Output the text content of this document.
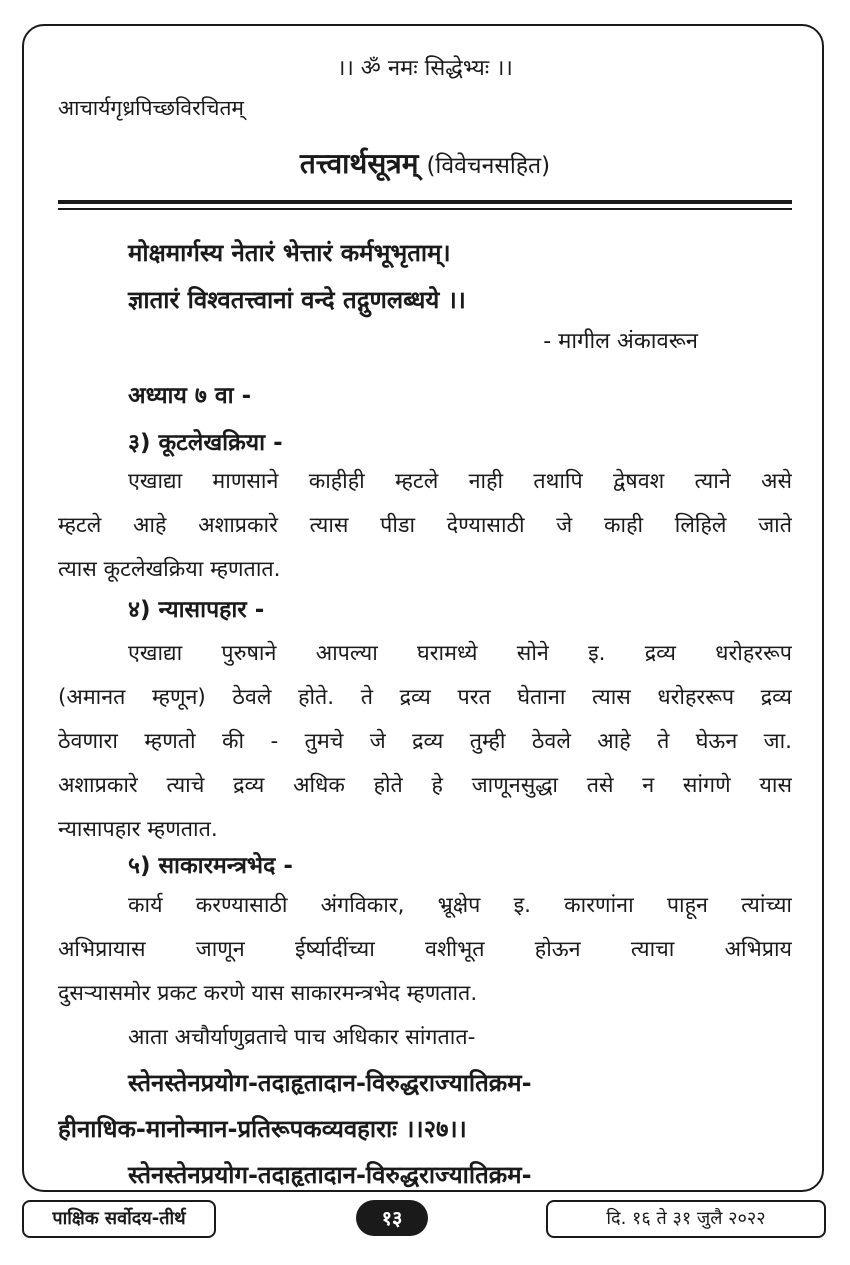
।। ॐ नमः सिद्धेभ्यः ।।
आचार्यगृध्रपिच्छविरचितम्
तत्त्वार्थसूत्रम् (विवेचनसहित)
मोक्षमार्गस्य नेतारं भेत्तारं कर्मभूभृताम्।
ज्ञातारं विश्वतत्त्वानां वन्दे तद्गुणलब्धये ।।
- मागील अंकावरून
अध्याय ७ वा -
३) कूटलेखक्रिया -
एखाद्या माणसाने काहीही म्हटले नाही तथापि द्वेषवश त्याने असे
म्हटले आहे अशाप्रकारे त्यास पीडा देण्यासाठी जे काही लिहिले जाते
त्यास कूटलेखक्रिया म्हणतात.
४) न्यासापहार -
एखाद्या पुरुषाने आपल्या घरामध्ये सोने इ. द्रव्य धरोहररूप
(अमानत म्हणून) ठेवले होते. ते द्रव्य परत घेताना त्यास धरोहररूप द्रव्य
ठेवणारा म्हणतो की - तुमचे जे द्रव्य तुम्ही ठेवले आहे ते घेऊन जा.
अशाप्रकारे त्याचे द्रव्य अधिक होते हे जाणूनसुद्धा तसे न सांगणे यास
न्यासापहार म्हणतात.
५) साकारमन्त्रभेद -
कार्य करण्यासाठी अंगविकार, भ्रूक्षेप इ. कारणांना पाहून त्यांच्या
अभिप्रायास जाणून ईर्ष्यादींच्या वशीभूत होऊन त्याचा अभिप्राय
दुसऱ्यासमोर प्रकट करणे यास साकारमन्त्रभेद म्हणतात.
आता अचौर्याणुव्रताचे पाच अधिकार सांगतात-
स्तेनस्तेनप्रयोग-तदाहृतादान-विरुद्धराज्यातिक्रम-
हीनाधिक-मानोन्मान-प्रतिरूपकव्यवहाराः ।।२७।।
स्तेनस्तेनप्रयोग-तदाहृतादान-विरुद्धराज्यातिक्रम-
पाक्षिक सर्वोदय-तीर्थ	१३	दि. १६ ते ३१ जुलै २०२२
